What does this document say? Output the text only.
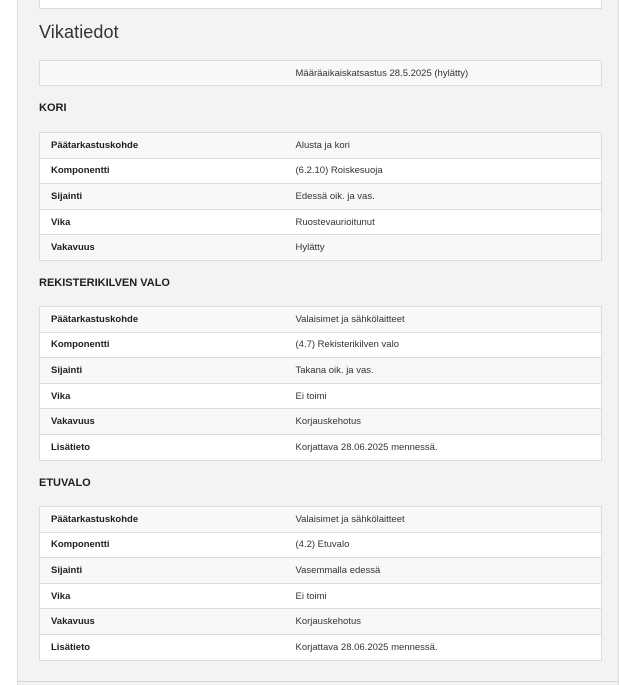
Vikatiedot
	Määräaikaiskatsastus 28.5.2025 (hylätty)
KORI
Päätarkastuskohde	Alusta ja kori
Komponentti	(6.2.10) Roiskesuoja
Sijainti	Edessä oik. ja vas.
Vika	Ruostevaurioitunut
Vakavuus	Hylätty
REKISTERIKILVEN VALO
Päätarkastuskohde	Valaisimet ja sähkölaitteet
Komponentti	(4.7) Rekisterikilven valo
Sijainti	Takana oik. ja vas.
Vika	Ei toimi
Vakavuus	Korjauskehotus
Lisätieto	Korjattava 28.06.2025 mennessä.
ETUVALO
Päätarkastuskohde	Valaisimet ja sähkölaitteet
Komponentti	(4.2) Etuvalo
Sijainti	Vasemmalla edessä
Vika	Ei toimi
Vakavuus	Korjauskehotus
Lisätieto	Korjattava 28.06.2025 mennessä.
